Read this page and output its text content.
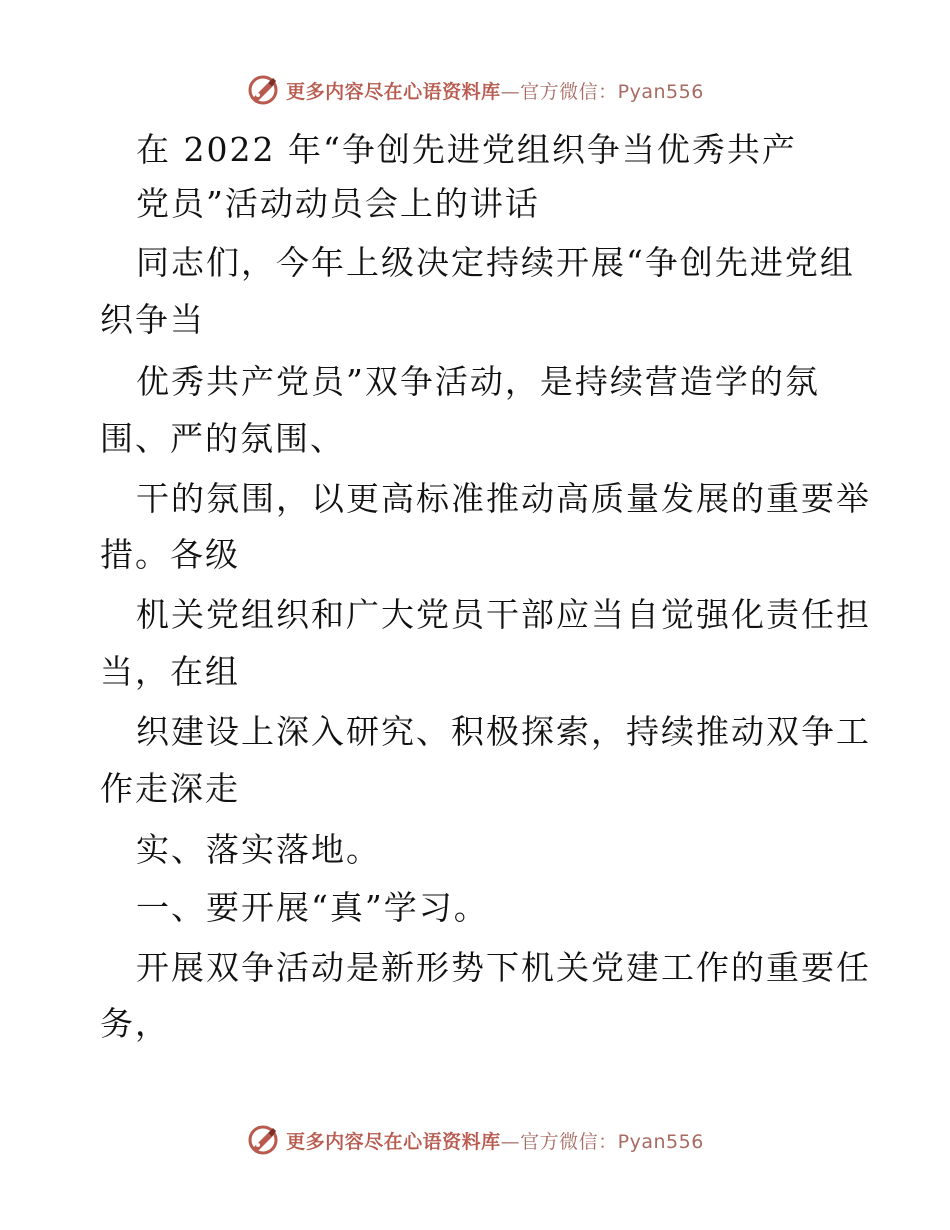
更多内容尽在心语资料库—官方微信：Pyan556
在 2022 年“争创先进党组织争当优秀共产
党员”活动动员会上的讲话
同志们，今年上级决定持续开展“争创先进党组
织争当
优秀共产党员”双争活动，是持续营造学的氛
围、严的氛围、
干的氛围，以更高标准推动高质量发展的重要举
措。各级
机关党组织和广大党员干部应当自觉强化责任担
当，在组
织建设上深入研究、积极探索，持续推动双争工
作走深走
实、落实落地。
一、要开展“真”学习。
开展双争活动是新形势下机关党建工作的重要任
务，
更多内容尽在心语资料库—官方微信：Pyan556
